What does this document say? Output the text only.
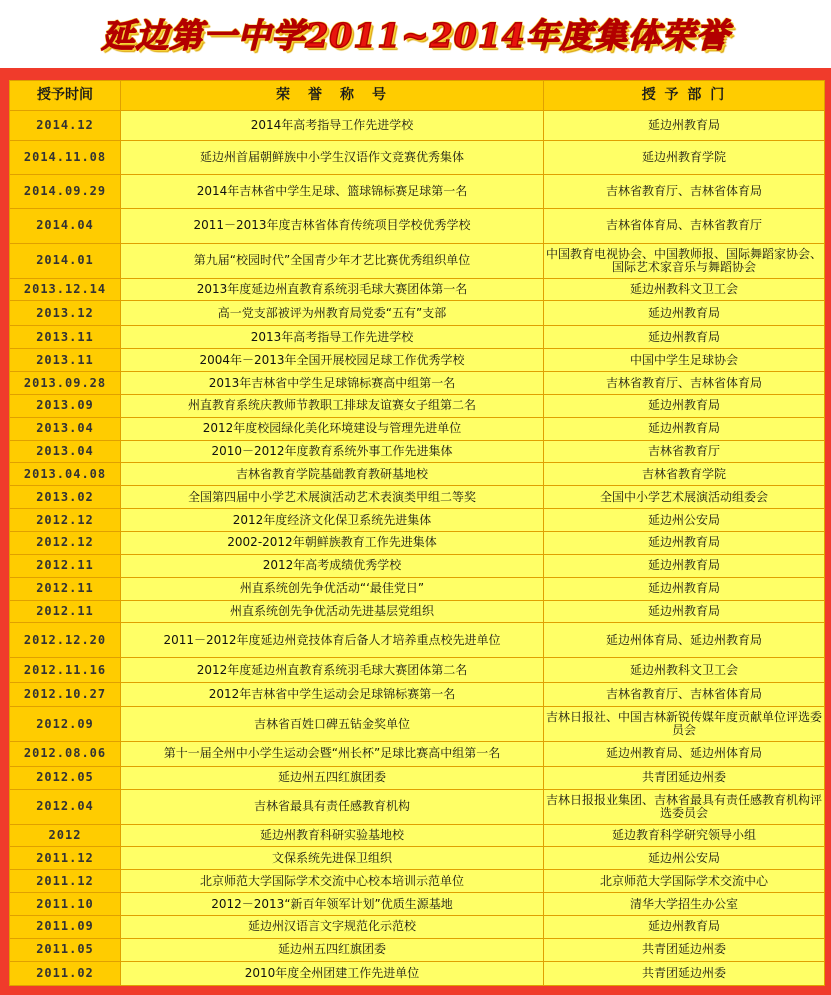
延边第一中学2011~2014年度集体荣誉
授予时间	荣　誉　称　号	授 予 部 门
2014.12	2014年高考指导工作先进学校	延边州教育局
2014.11.08	延边州首届朝鲜族中小学生汉语作文竞赛优秀集体	延边州教育学院
2014.09.29	2014年吉林省中学生足球、篮球锦标赛足球第一名	吉林省教育厅、吉林省体育局
2014.04	2011－2013年度吉林省体育传统项目学校优秀学校	吉林省体育局、吉林省教育厅
2014.01	第九届“校园时代”全国青少年才艺比赛优秀组织单位	中国教育电视协会、中国教师报、国际舞蹈家协会、国际艺术家音乐与舞蹈协会
2013.12.14	2013年度延边州直教育系统羽毛球大赛团体第一名	延边州教科文卫工会
2013.12	高一党支部被评为州教育局党委“五有”支部	延边州教育局
2013.11	2013年高考指导工作先进学校	延边州教育局
2013.11	2004年－2013年全国开展校园足球工作优秀学校	中国中学生足球协会
2013.09.28	2013年吉林省中学生足球锦标赛高中组第一名	吉林省教育厅、吉林省体育局
2013.09	州直教育系统庆教师节教职工排球友谊赛女子组第二名	延边州教育局
2013.04	2012年度校园绿化美化环境建设与管理先进单位	延边州教育局
2013.04	2010－2012年度教育系统外事工作先进集体	吉林省教育厅
2013.04.08	吉林省教育学院基础教育教研基地校	吉林省教育学院
2013.02	全国第四届中小学艺术展演活动艺术表演类甲组二等奖	全国中小学艺术展演活动组委会
2012.12	2012年度经济文化保卫系统先进集体	延边州公安局
2012.12	2002-2012年朝鲜族教育工作先进集体	延边州教育局
2012.11	2012年高考成绩优秀学校	延边州教育局
2012.11	州直系统创先争优活动“‘最佳党日”	延边州教育局
2012.11	州直系统创先争优活动先进基层党组织	延边州教育局
2012.12.20	2011－2012年度延边州竞技体育后备人才培养重点校先进单位	延边州体育局、延边州教育局
2012.11.16	2012年度延边州直教育系统羽毛球大赛团体第二名	延边州教科文卫工会
2012.10.27	2012年吉林省中学生运动会足球锦标赛第一名	吉林省教育厅、吉林省体育局
2012.09	吉林省百姓口碑五钻金奖单位	吉林日报社、中国吉林新锐传媒年度贡献单位评选委员会
2012.08.06	第十一届全州中小学生运动会暨“州长杯”足球比赛高中组第一名	延边州教育局、延边州体育局
2012.05	延边州五四红旗团委	共青团延边州委
2012.04	吉林省最具有责任感教育机构	吉林日报报业集团、吉林省最具有责任感教育机构评选委员会
2012	延边州教育科研实验基地校	延边教育科学研究领导小组
2011.12	文保系统先进保卫组织	延边州公安局
2011.12	北京师范大学国际学术交流中心校本培训示范单位	北京师范大学国际学术交流中心
2011.10	2012－2013“新百年领军计划”优质生源基地	清华大学招生办公室
2011.09	延边州汉语言文字规范化示范校	延边州教育局
2011.05	延边州五四红旗团委	共青团延边州委
2011.02	2010年度全州团建工作先进单位	共青团延边州委
